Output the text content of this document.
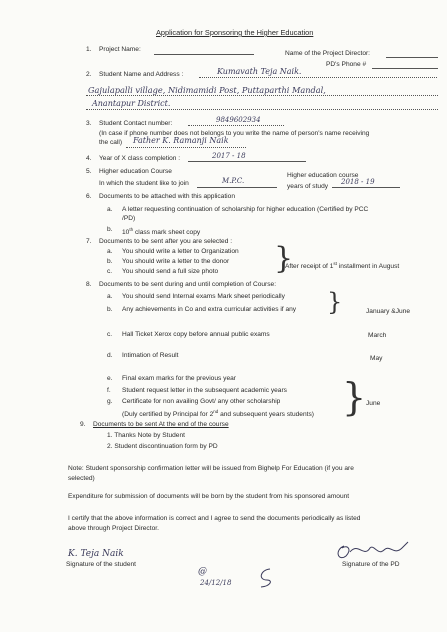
Application for Sponsoring the Higher Education
1. Project Name:
Name of the Project Director:
PD's Phone #
2. Student Name and Address :	Kumavath Teja Naik.
Gajulapalli village, Nidimamidi Post, Puttaparthi Mandal,
Anantapur District.
3. Student Contact number:	9849602934
(In case if phone number does not belongs to you write the name of person's name receiving
the call) Father K. Ramanji Naik
4. Year of X class completion :	2017 - 18
5. Higher education Course
In which the student like to join	M.P.C.
Higher education course
years of study
2018 - 19
6. Documents to be attached with this application
a. A letter requesting continuation of scholarship for higher education (Certified by PCC
/PD)
b. 10th class mark sheet copy
7. Documents to be sent after you are selected :
a. You should write a letter to Organization
b. You should write a letter to the donor
c. You should send a full size photo }
After receipt of 1st installment in August
8. Documents to be sent during and until completion of Course:
a. You should send Internal exams Mark sheet periodically
b. Any achievements in Co and extra curricular activities if any }	January &June
c. Hall Ticket Xerox copy before annual public exams	March
d. Intimation of Result	May
e. Final exam marks for the previous year
f. Student request letter in the subsequent academic years
g. Certificate for non availing Govt/ any other scholarship
(Duly certified by Principal for 2nd and subsequent years students) } June
9. Documents to be sent At the end of the course
1. Thanks Note by Student
2. Student discontinuation form by PD
Note: Student sponsorship confirmation letter will be issued from Bighelp For Education (if you are
selected)
Expenditure for submission of documents will be born by the student from his sponsored amount
I certify that the above information is correct and I agree to send the documents periodically as listed
above through Project Director.
K. Teja Naik
Signature of the student
@
24/12/18
Signature of the PD
